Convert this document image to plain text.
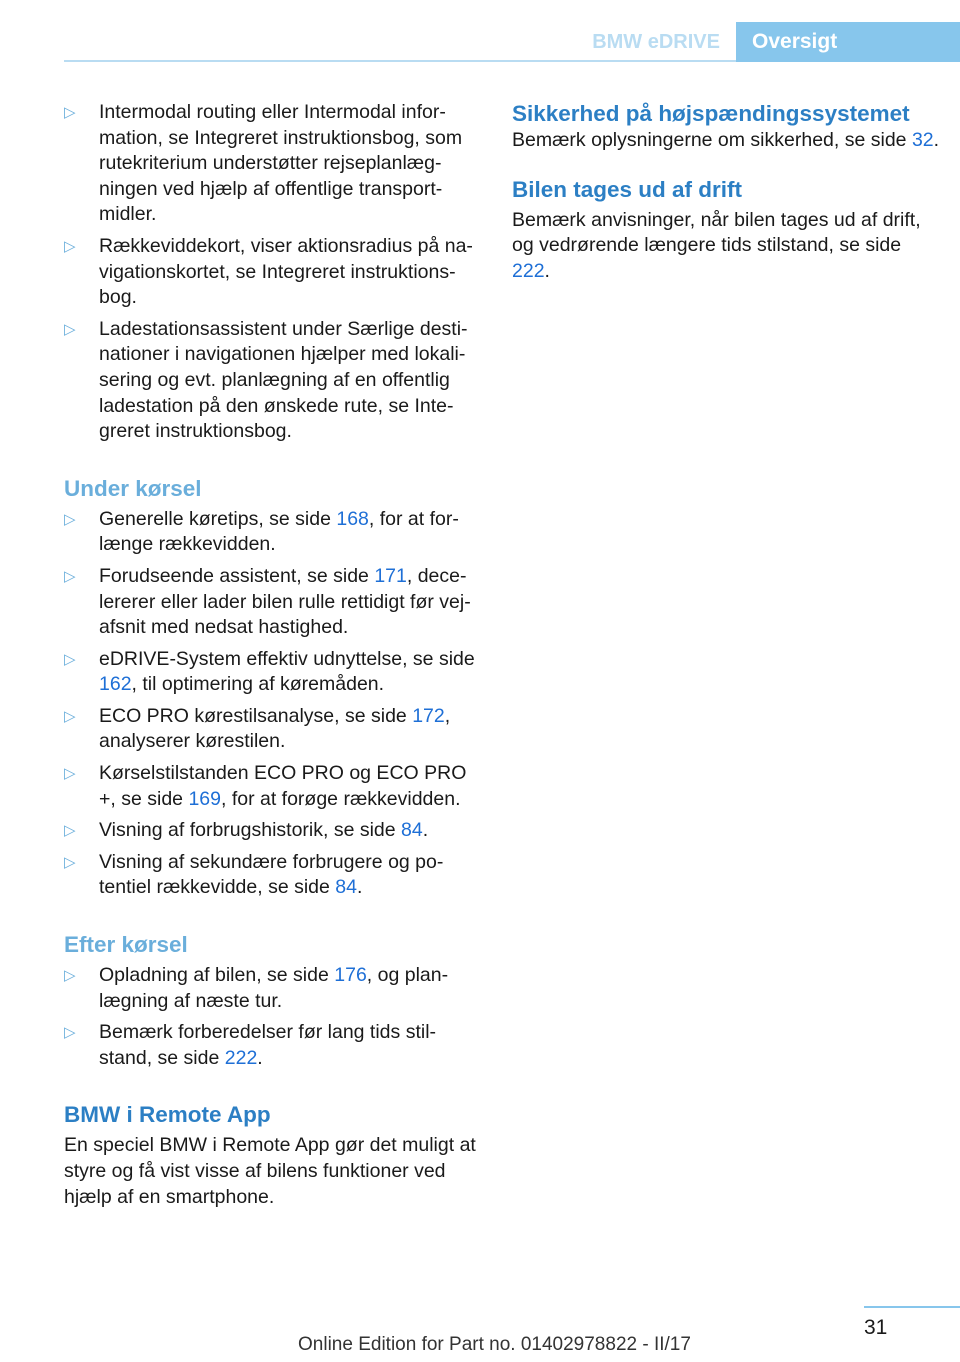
BMW eDRIVE	Oversigt
▷ Intermodal routing eller Intermodal infor-mation, se Integreret instruktionsbog, som rutekriterium understøtter rejseplanlæg-ningen ved hjælp af offentlige transport-midler.
▷ Rækkeviddekort, viser aktionsradius på na-vigationskortet, se Integreret instruktions-bog.
▷ Ladestationsassistent under Særlige desti-nationer i navigationen hjælper med lokali-sering og evt. planlægning af en offentlig ladestation på den ønskede rute, se Inte-greret instruktionsbog.
Under kørsel
▷ Generelle køretips, se side 168, for at for-længe rækkevidden.
▷ Forudseende assistent, se side 171, dece-lererer eller lader bilen rulle rettidigt før vej-afsnit med nedsat hastighed.
▷ eDRIVE-System effektiv udnyttelse, se side 162, til optimering af køremåden.
▷ ECO PRO kørestilsanalyse, se side 172, analyserer kørestilen.
▷ Kørselstilstanden ECO PRO og ECO PRO +, se side 169, for at forøge rækkevidden.
▷ Visning af forbrugshistorik, se side 84.
▷ Visning af sekundære forbrugere og po-tentiel rækkevidde, se side 84.
Efter kørsel
▷ Opladning af bilen, se side 176, og plan-lægning af næste tur.
▷ Bemærk forberedelser før lang tids stil-stand, se side 222.
BMW i Remote App
En speciel BMW i Remote App gør det muligt at styre og få vist visse af bilens funktioner ved hjælp af en smartphone.
Sikkerhed på højspændingssystemet
Bemærk oplysningerne om sikkerhed, se side 32.
Bilen tages ud af drift
Bemærk anvisninger, når bilen tages ud af drift, og vedrørende længere tids stilstand, se side 222.
31
Online Edition for Part no. 01402978822 - II/17
